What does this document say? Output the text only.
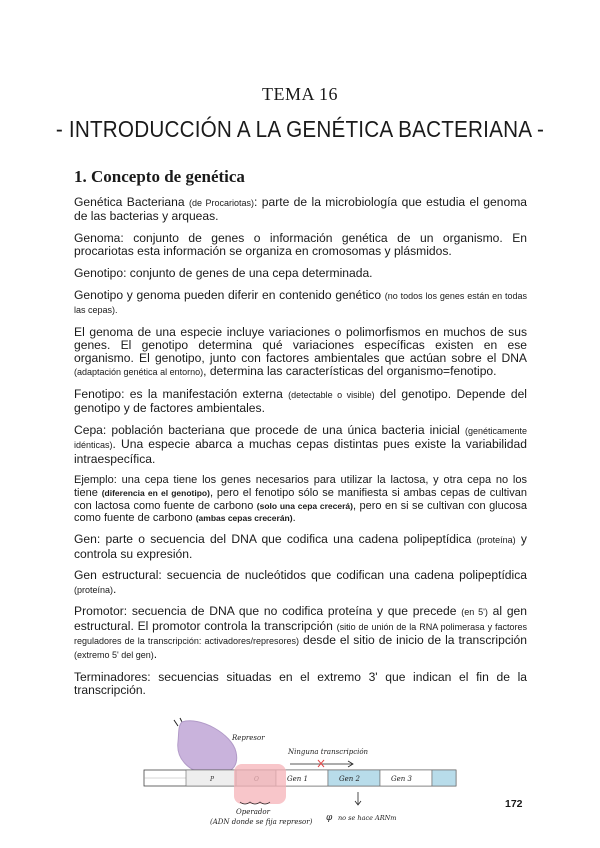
TEMA 16
- INTRODUCCIÓN A LA GENÉTICA BACTERIANA -
1. Concepto de genética

Genética Bacteriana (de Procariotas): parte de la microbiología que estudia el genoma de las bacterias y arqueas.

Genoma: conjunto de genes o información genética de un organismo. En procariotas esta información se organiza en cromosomas y plásmidos.

Genotipo: conjunto de genes de una cepa determinada.

Genotipo y genoma pueden diferir en contenido genético (no todos los genes están en todas las cepas).

El genoma de una especie incluye variaciones o polimorfismos en muchos de sus genes. El genotipo determina qué variaciones específicas existen en ese organismo. El genotipo, junto con factores ambientales que actúan sobre el DNA (adaptación genética al entorno), determina las características del organismo=fenotipo.

Fenotipo: es la manifestación externa (detectable o visible) del genotipo. Depende del genotipo y de factores ambientales.

Cepa: población bacteriana que procede de una única bacteria inicial (genéticamente idénticas). Una especie abarca a muchas cepas distintas pues existe la variabilidad intraespecífica.

Ejemplo: una cepa tiene los genes necesarios para utilizar la lactosa, y otra cepa no los tiene (diferencia en el genotipo), pero el fenotipo sólo se manifiesta si ambas cepas de cultivan con lactosa como fuente de carbono (solo una cepa crecerá), pero en si se cultivan con glucosa como fuente de carbono (ambas cepas crecerán).

Gen: parte o secuencia del DNA que codifica una cadena polipeptídica (proteína) y controla su expresión.

Gen estructural: secuencia de nucleótidos que codifican una cadena polipeptídica (proteína).

Promotor: secuencia de DNA que no codifica proteína y que precede (en 5') al gen estructural. El promotor controla la transcripción (sitio de unión de la RNA polimerasa y factores reguladores de la transcripción: activadores/represores) desde el sitio de inicio de la transcripción (extremo 5' del gen).

Terminadores: secuencias situadas en el extremo 3' que indican el fin de la transcripción.

Represor
Ninguna transcripción
P	Gen 1	Gen 2	Gen 3
Operador
(ADN donde se fija represor) φ no se hace ARNm
172
